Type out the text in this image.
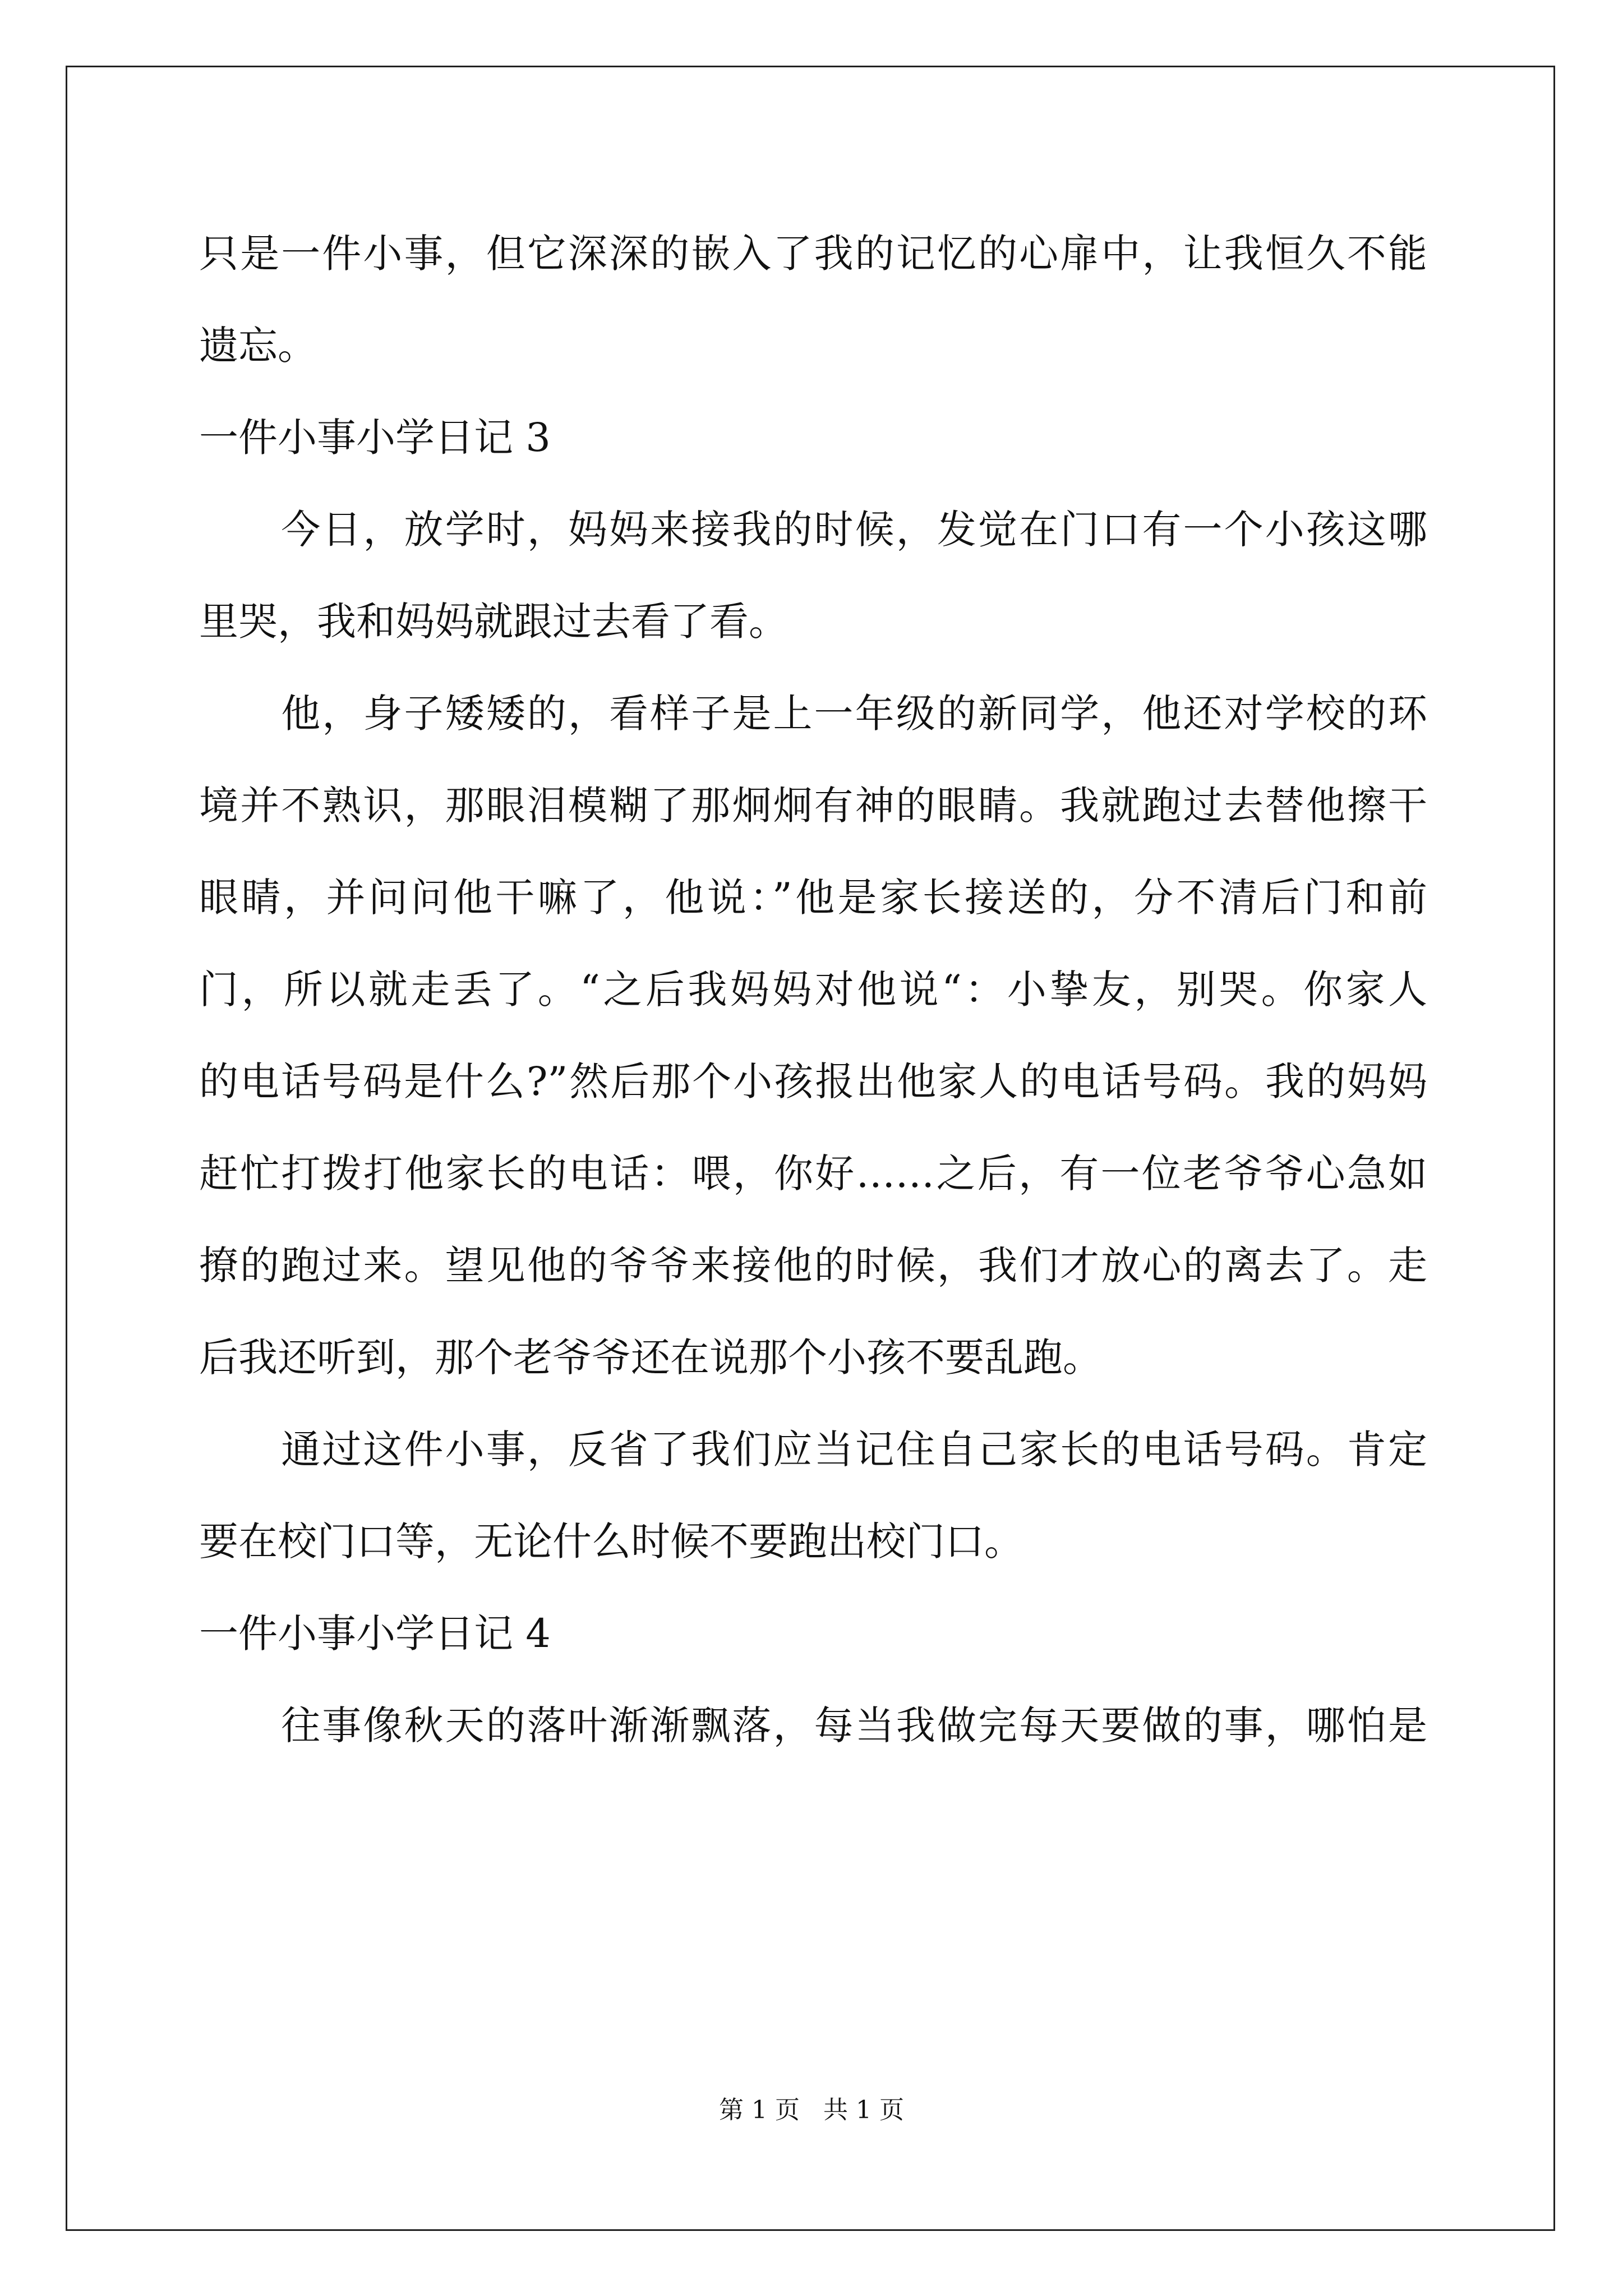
只是一件小事，但它深深的嵌入了我的记忆的心扉中，让我恒久不能
遗忘。
一件小事小学日记 3
　　今日，放学时，妈妈来接我的时候，发觉在门口有一个小孩这哪
里哭，我和妈妈就跟过去看了看。
　　他，身子矮矮的，看样子是上一年级的新同学，他还对学校的环
境并不熟识，那眼泪模糊了那炯炯有神的眼睛。我就跑过去替他擦干
眼睛，并问问他干嘛了，他说：”他是家长接送的，分不清后门和前
门，所以就走丢了。“之后我妈妈对他说“：小挚友，别哭。你家人
的电话号码是什么?”然后那个小孩报出他家人的电话号码。我的妈妈
赶忙打拨打他家长的电话：喂，你好……之后，有一位老爷爷心急如
撩的跑过来。望见他的爷爷来接他的时候，我们才放心的离去了。走
后我还听到，那个老爷爷还在说那个小孩不要乱跑。
　　通过这件小事，反省了我们应当记住自己家长的电话号码。肯定
要在校门口等，无论什么时候不要跑出校门口。
一件小事小学日记 4
　　往事像秋天的落叶渐渐飘落，每当我做完每天要做的事，哪怕是
第 1 页 共 1 页
